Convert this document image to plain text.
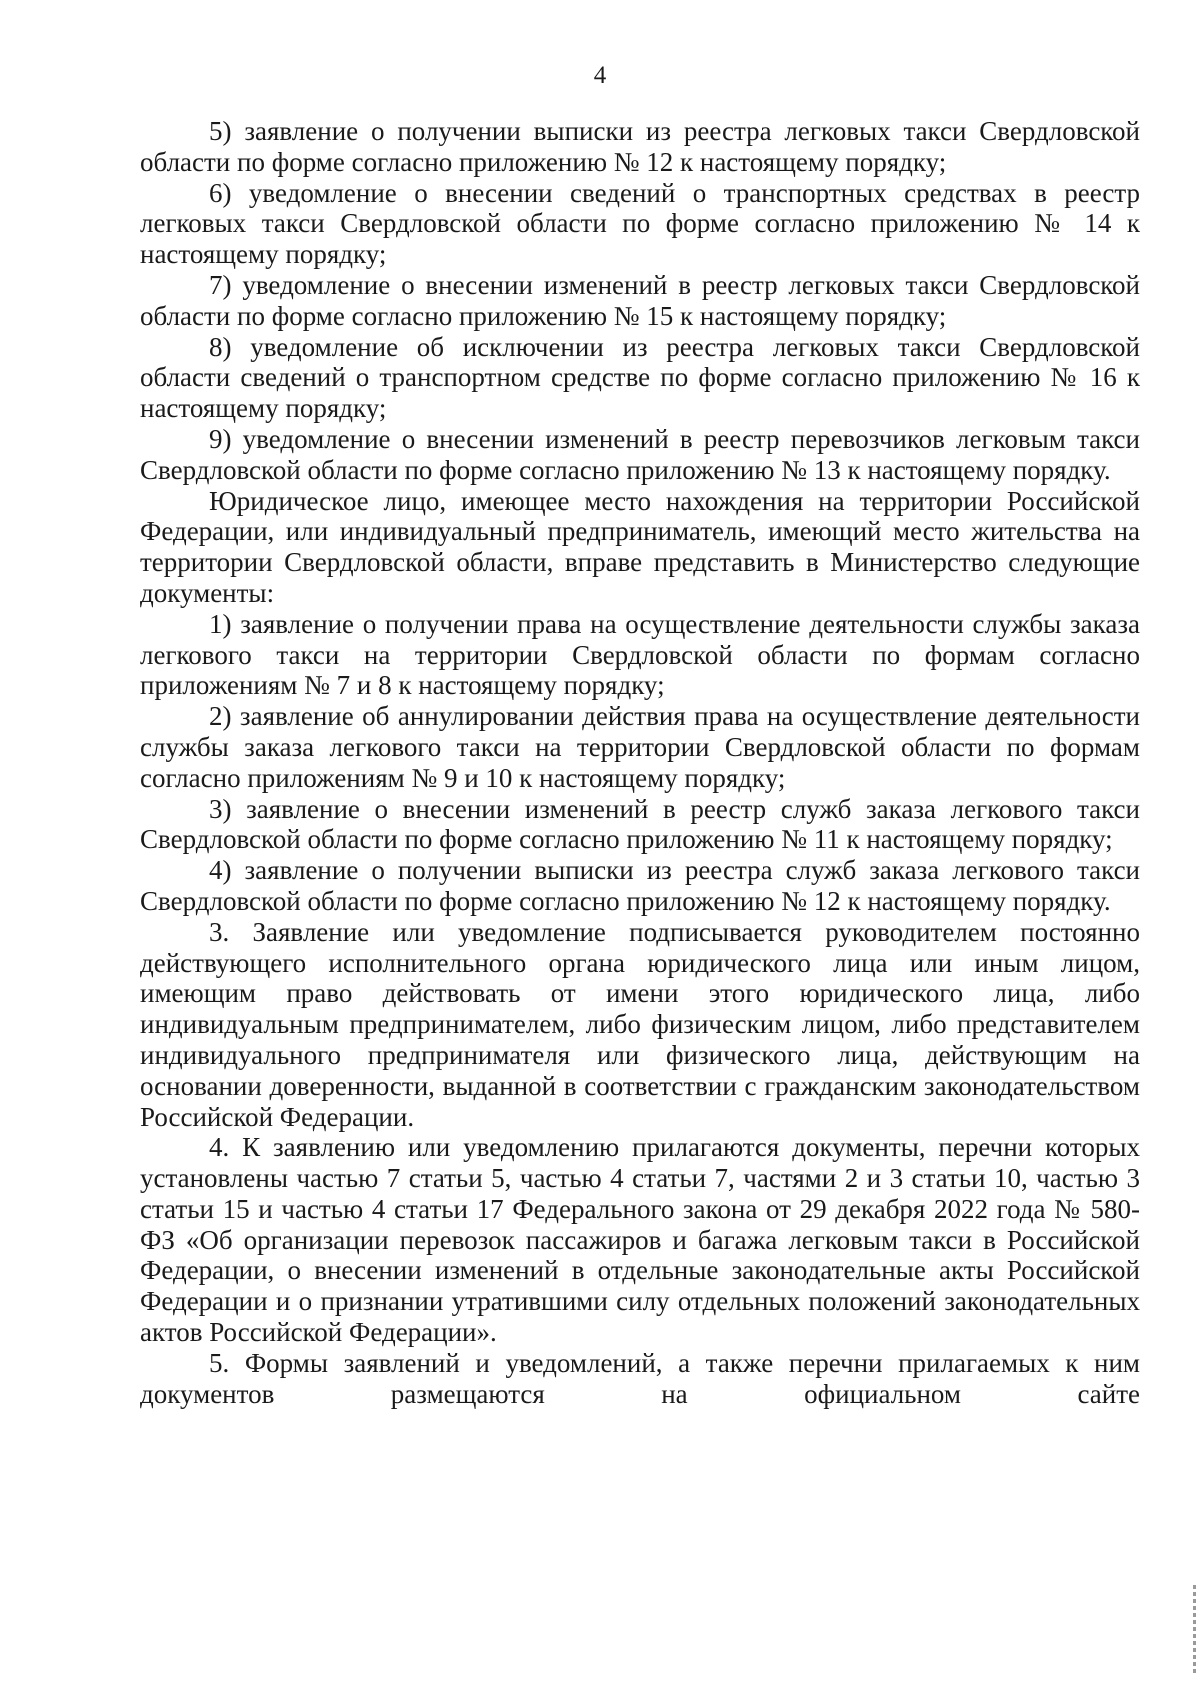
4

5) заявление о получении выписки из реестра легковых такси Свердловской области по форме согласно приложению № 12 к настоящему порядку;

6) уведомление о внесении сведений о транспортных средствах в реестр легковых такси Свердловской области по форме согласно приложению № 14 к настоящему порядку;

7) уведомление о внесении изменений в реестр легковых такси Свердловской области по форме согласно приложению № 15 к настоящему порядку;

8) уведомление об исключении из реестра легковых такси Свердловской области сведений о транспортном средстве по форме согласно приложению № 16 к настоящему порядку;

9) уведомление о внесении изменений в реестр перевозчиков легковым такси Свердловской области по форме согласно приложению № 13 к настоящему порядку.

Юридическое лицо, имеющее место нахождения на территории Российской Федерации, или индивидуальный предприниматель, имеющий место жительства на территории Свердловской области, вправе представить в Министерство следующие документы:

1) заявление о получении права на осуществление деятельности службы заказа легкового такси на территории Свердловской области по формам согласно приложениям № 7 и 8 к настоящему порядку;

2) заявление об аннулировании действия права на осуществление деятельности службы заказа легкового такси на территории Свердловской области по формам согласно приложениям № 9 и 10 к настоящему порядку;

3) заявление о внесении изменений в реестр служб заказа легкового такси Свердловской области по форме согласно приложению № 11 к настоящему порядку;

4) заявление о получении выписки из реестра служб заказа легкового такси Свердловской области по форме согласно приложению № 12 к настоящему порядку.

3. Заявление или уведомление подписывается руководителем постоянно действующего исполнительного органа юридического лица или иным лицом, имеющим право действовать от имени этого юридического лица, либо индивидуальным предпринимателем, либо физическим лицом, либо представителем индивидуального предпринимателя или физического лица, действующим на основании доверенности, выданной в соответствии с гражданским законодательством Российской Федерации.

4. К заявлению или уведомлению прилагаются документы, перечни которых установлены частью 7 статьи 5, частью 4 статьи 7, частями 2 и 3 статьи 10, частью 3 статьи 15 и частью 4 статьи 17 Федерального закона от 29 декабря 2022 года № 580-ФЗ «Об организации перевозок пассажиров и багажа легковым такси в Российской Федерации, о внесении изменений в отдельные законодательные акты Российской Федерации и о признании утратившими силу отдельных положений законодательных актов Российской Федерации».

5. Формы заявлений и уведомлений, а также перечни прилагаемых к ним документов размещаются на официальном сайте
